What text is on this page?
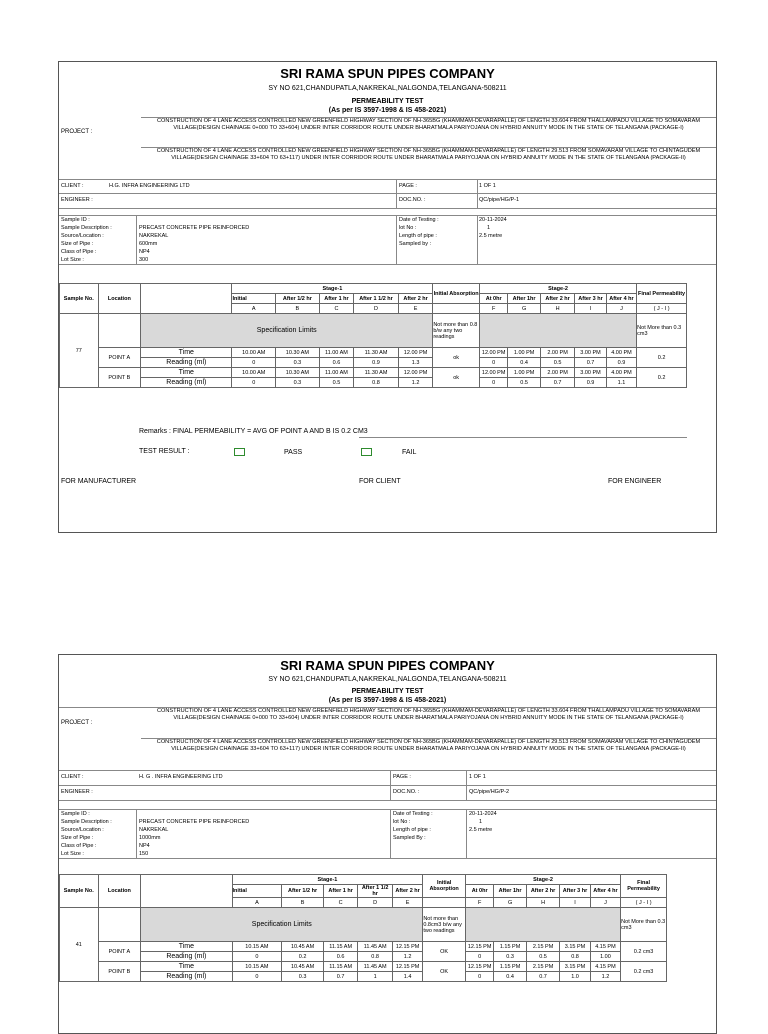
SRI RAMA SPUN PIPES COMPANY
SY NO 621,CHANDUPATLA,NAKREKAL,NALGONDA,TELANGANA-508211
PERMEABILITY TEST
(As per IS 3597-1998 & IS 458-2021)
PROJECT :
CONSTRUCTION OF 4 LANE ACCESS CONTROLLED NEW GREENFIELD HIGHWAY SECTION OF NH-365BG (KHAMMAM-DEVARAPALLE) OF LENGTH 33.604 FROM THALLAMPADU VILLAGE TO SOMAVARAM VILLAGE(DESIGN CHAINAGE 0+000 TO 33+604) UNDER INTER CORRIDOR ROUTE UNDER BHARATMALA PARIYOJANA ON HYBRID ANNUITY MODE IN THE STATE OF TELANGANA (PACKAGE-I)
CONSTRUCTION OF 4 LANE ACCESS CONTROLLED NEW GREENFIELD HIGHWAY SECTION OF NH-365BG (KHAMMAM-DEVARAPALLE) OF LENGTH 29.513 FROM SOMAVARAM VILLAGE TO CHINTAGUDEM VILLAGE(DESIGN CHAINAGE 33+604 TO 63+117) UNDER INTER CORRIDOR ROUTE UNDER BHARATMALA PARIYOJANA ON HYBRID ANNUITY MODE IN THE STATE OF TELANGANA (PACKAGE-II)
CLIENT :	H.G. INFRA ENGINEERING LTD	PAGE :	1 OF 1
ENGINEER :	DOC.NO. :	QC/pipe/HG/P-1
Sample ID :	Date of Testing :	20-11-2024
Sample Description :	PRECAST CONCRETE PIPE REINFORCED	lot No :	1
Source/Location :	NAKREKAL	Length of pipe :	2.5 metre
Size of Pipe :	600mm	Sampled by :
Class of Pipe :	NP4
Lot Size :	300
Sample No.	Location		Stage-1					Initial Absorption	Stage-2					Final Permeability
			Initial	After 1/2 hr	After 1 hr	After 1 1/2 hr	After 2 hr		At 0hr	After 1hr	After 2 hr	After 3 hr	After 4 hr	
			A	B	C	D	E		F	G	H	I	J	( J - I )
77		Specification Limits						Not more than 0.8 b/w any two readings						Not More than 0.3 cm3
	POINT A	Time	10.00 AM	10.30 AM	11.00 AM	11.30 AM	12.00 PM	ok	12.00 PM	1.00 PM	2.00 PM	3.00 PM	4.00 PM	0.2
		Reading (ml)	0	0.3	0.6	0.9	1.3		0	0.4	0.5	0.7	0.9	
	POINT B	Time	10.00 AM	10.30 AM	11.00 AM	11.30 AM	12.00 PM	ok	12.00 PM	1.00 PM	2.00 PM	3.00 PM	4.00 PM	0.2
		Reading (ml)	0	0.3	0.5	0.8	1.2		0	0.5	0.7	0.9	1.1	
Remarks : FINAL PERMEABILITY = AVG OF POINT A AND B IS 0.2 CM3
TEST RESULT :	PASS	FAIL
FOR MANUFACTURER	FOR CLIENT	FOR ENGINEER
SRI RAMA SPUN PIPES COMPANY
SY NO 621,CHANDUPATLA,NAKREKAL,NALGONDA,TELANGANA-508211
PERMEABILITY TEST
(As per IS 3597-1998 & IS 458-2021)
PROJECT :
CONSTRUCTION OF 4 LANE ACCESS CONTROLLED NEW GREENFIELD HIGHWAY SECTION OF NH-365BG (KHAMMAM-DEVARAPALLE) OF LENGTH 33.604 FROM THALLAMPADU VILLAGE TO SOMAVARAM VILLAGE(DESIGN CHAINAGE 0+000 TO 33+604) UNDER INTER CORRIDOR ROUTE UNDER BHARATMALA PARIYOJANA ON HYBRID ANNUITY MODE IN THE STATE OF TELANGANA (PACKAGE-I)
CONSTRUCTION OF 4 LANE ACCESS CONTROLLED NEW GREENFIELD HIGHWAY SECTION OF NH-365BG (KHAMMAM-DEVARAPALLE) OF LENGTH 29.513 FROM SOMAVARAM VILLAGE TO CHINTAGUDEM VILLAGE(DESIGN CHAINAGE 33+604 TO 63+117) UNDER INTER CORRIDOR ROUTE UNDER BHARATMALA PARIYOJANA ON HYBRID ANNUITY MODE IN THE STATE OF TELANGANA (PACKAGE-II)
CLIENT :	H. G . INFRA ENGINEERING LTD	PAGE :	1 OF 1
ENGINEER :	DOC.NO. :	QC/pipe/HG/P-2
Sample ID :	Date of Testing :	20-11-2024
Sample Description :	PRECAST CONCRETE PIPE REINFORCED	lot No :	1
Source/Location :	NAKREKAL	Length of pipe :	2.5 metre
Size of Pipe :	1000mm	Sampled By :
Class of Pipe :	NP4
Lot Size :	150
Sample No.	Location		Stage-1					Initial Absorption	Stage-2					Final Permeability
			Initial	After 1/2 hr	After 1 hr	After 1 1/2 hr	After 2 hr		At 0hr	After 1hr	After 2 hr	After 3 hr	After 4 hr	
			A	B	C	D	E		F	G	H	I	J	( J - I )
41		Specification Limits						Not more than 0.8cm3 b/w any two readings						Not More than 0.3 cm3
	POINT A	Time	10.15 AM	10.45 AM	11.15 AM	11.45 AM	12.15 PM	OK	12.15 PM	1.15 PM	2.15 PM	3.15 PM	4.15 PM	0.2 cm3
		Reading (ml)	0	0.2	0.6	0.8	1.2		0	0.3	0.5	0.8	1.00	
	POINT B	Time	10.15 AM	10.45 AM	11.15 AM	11.45 AM	12.15 PM	OK	12.15 PM	1.15 PM	2.15 PM	3.15 PM	4.15 PM	0.2 cm3
		Reading (ml)	0	0.3	0.7	1	1.4		0	0.4	0.7	1.0	1.2	
